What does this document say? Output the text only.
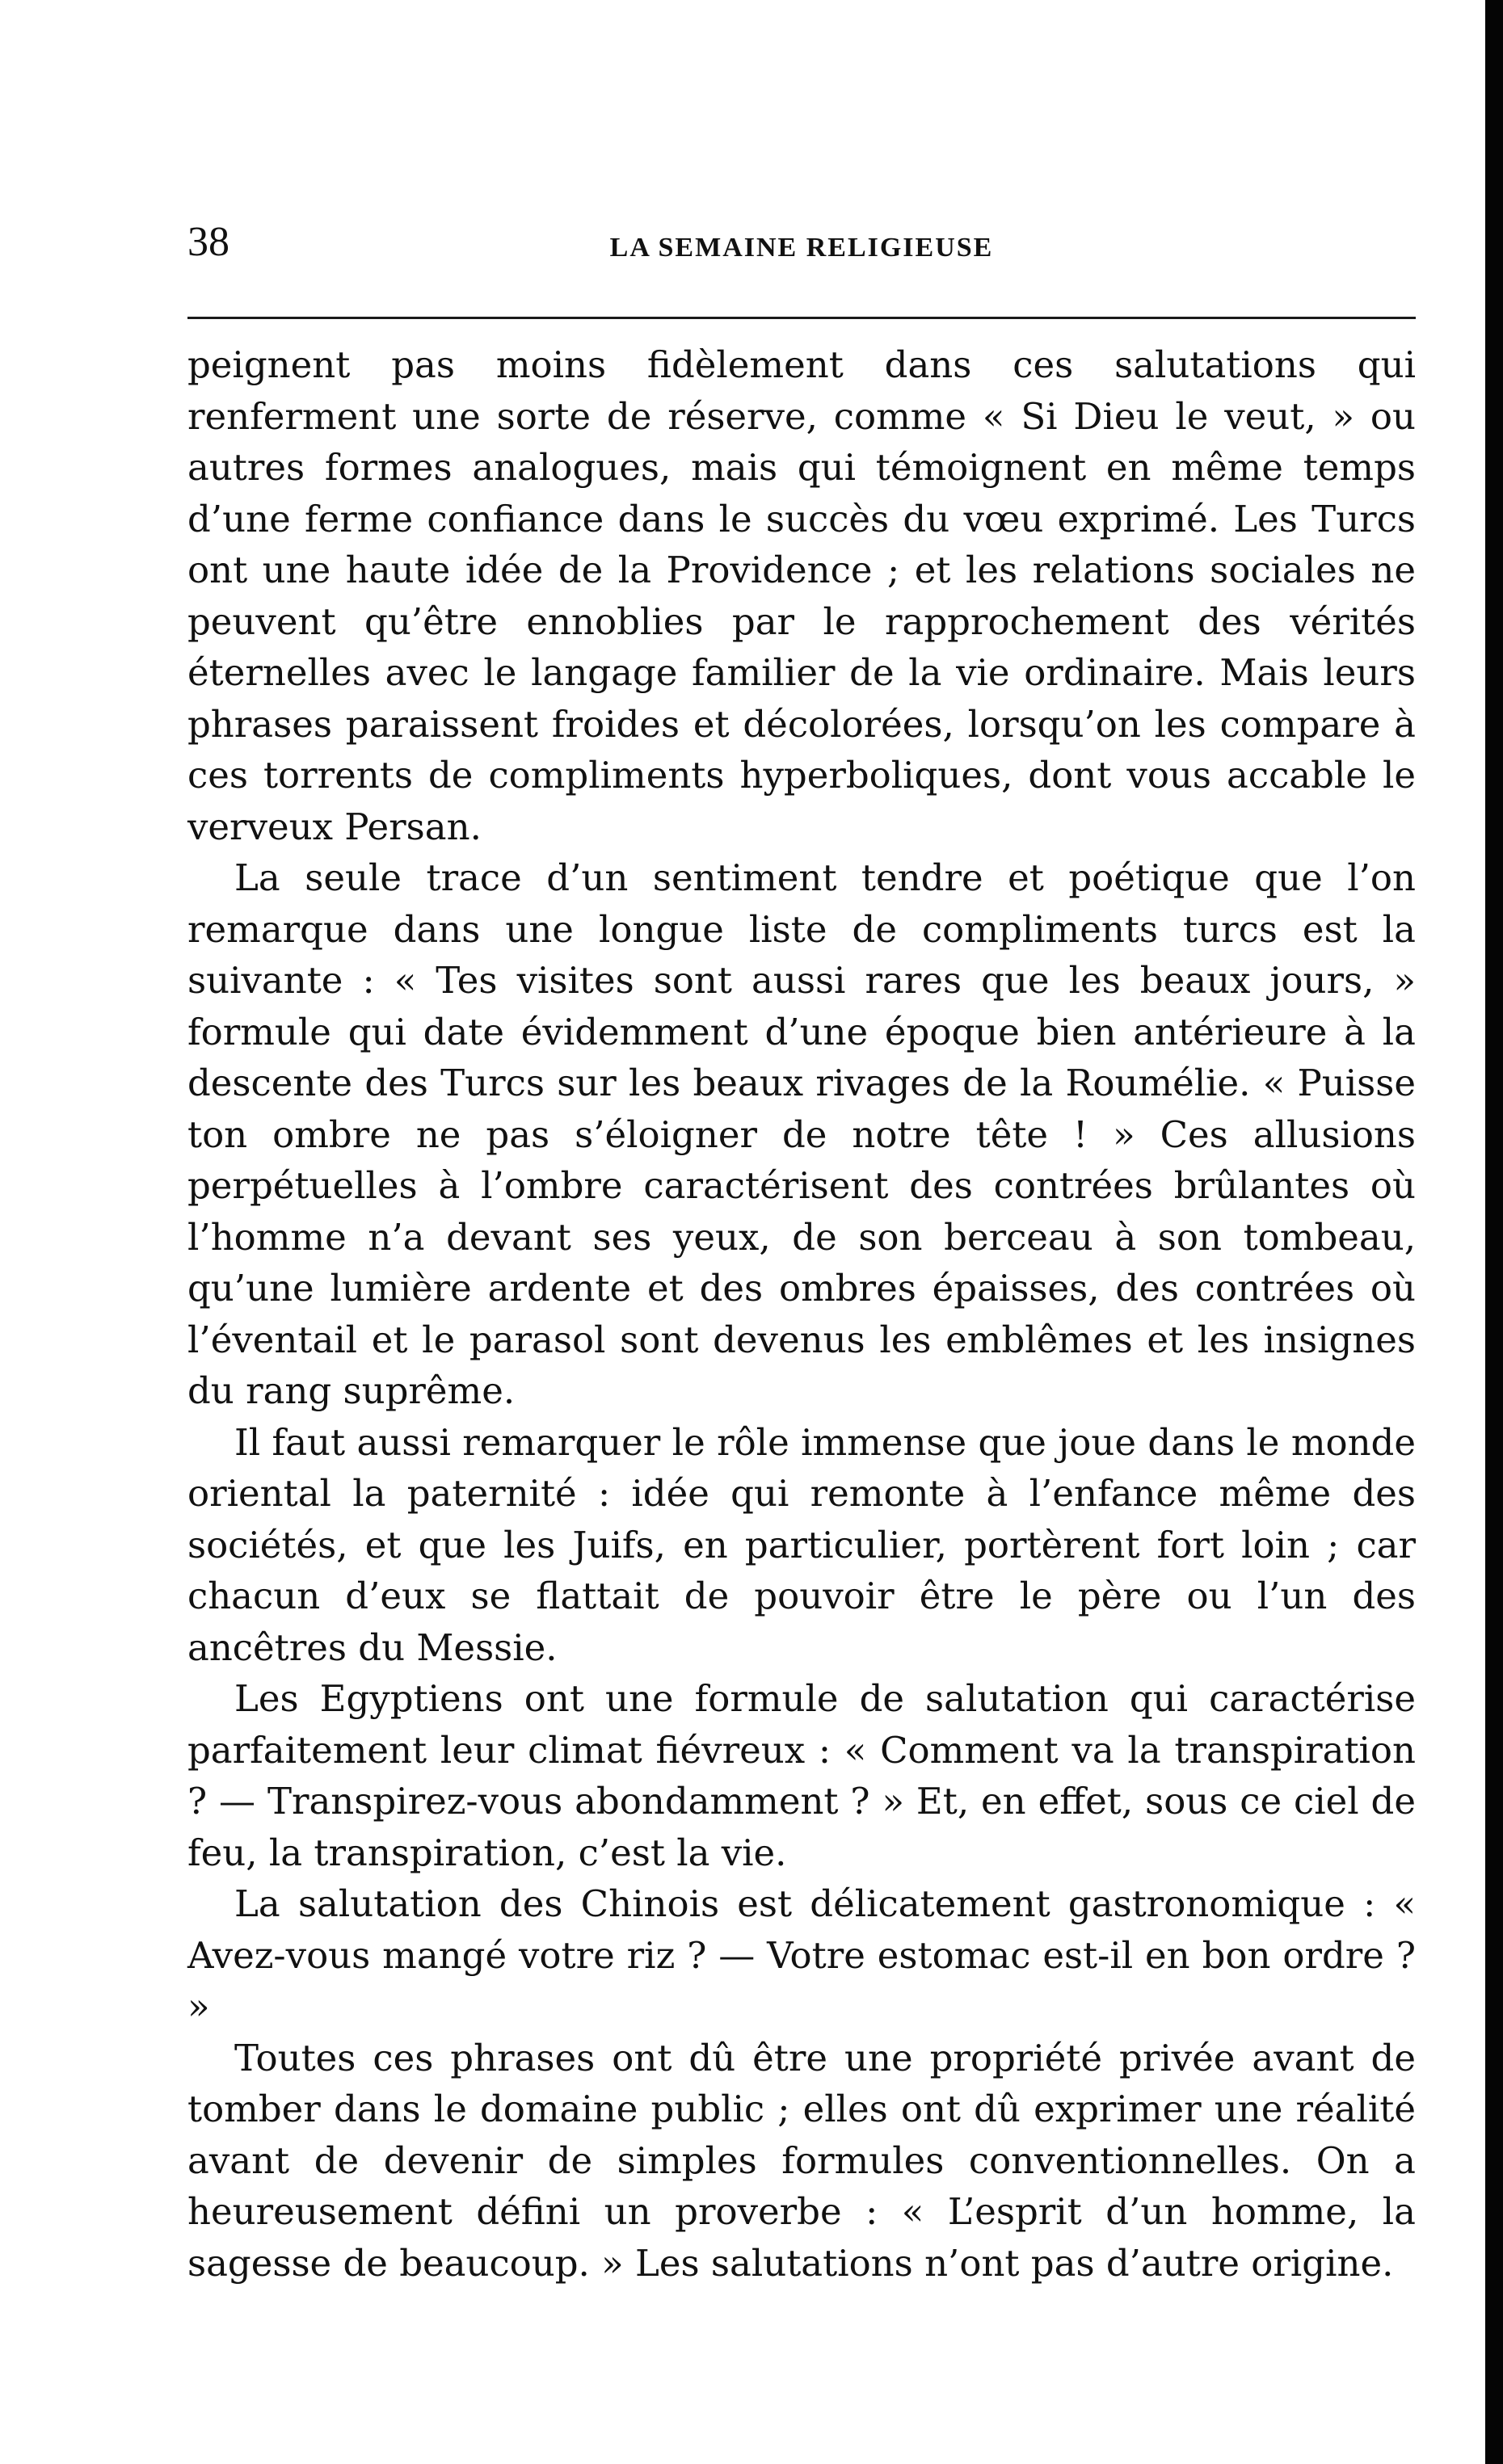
38	LA SEMAINE RELIGIEUSE

peignent pas moins fidèlement dans ces salutations qui renferment une sorte de réserve, comme « Si Dieu le veut, » ou autres formes analogues, mais qui témoignent en même temps d’une ferme confiance dans le succès du vœu exprimé. Les Turcs ont une haute idée de la Providence ; et les relations sociales ne peuvent qu’être ennoblies par le rapprochement des vérités éternelles avec le langage familier de la vie ordinaire. Mais leurs phrases paraissent froides et décolorées, lorsqu’on les compare à ces torrents de compliments hyperboliques, dont vous accable le verveux Persan.

La seule trace d’un sentiment tendre et poétique que l’on remarque dans une longue liste de compliments turcs est la suivante : « Tes visites sont aussi rares que les beaux jours, » formule qui date évidemment d’une époque bien antérieure à la descente des Turcs sur les beaux rivages de la Roumélie. « Puisse ton ombre ne pas s’éloigner de notre tête ! » Ces allusions perpétuelles à l’ombre caractérisent des contrées brûlantes où l’homme n’a devant ses yeux, de son berceau à son tombeau, qu’une lumière ardente et des ombres épaisses, des contrées où l’éventail et le parasol sont devenus les emblêmes et les insignes du rang suprême.

Il faut aussi remarquer le rôle immense que joue dans le monde oriental la paternité : idée qui remonte à l’enfance même des sociétés, et que les Juifs, en particulier, portèrent fort loin ; car chacun d’eux se flattait de pouvoir être le père ou l’un des ancêtres du Messie.

Les Egyptiens ont une formule de salutation qui caractérise parfaitement leur climat fiévreux : « Comment va la transpiration ? — Transpirez-vous abondamment ? » Et, en effet, sous ce ciel de feu, la transpiration, c’est la vie.

La salutation des Chinois est délicatement gastronomique : « Avez-vous mangé votre riz ? — Votre estomac est-il en bon ordre ? »

Toutes ces phrases ont dû être une propriété privée avant de tomber dans le domaine public ; elles ont dû exprimer une réalité avant de devenir de simples formules conventionnelles. On a heureusement défini un proverbe : « L’esprit d’un homme, la sagesse de beaucoup. » Les salutations n’ont pas d’autre origine.
